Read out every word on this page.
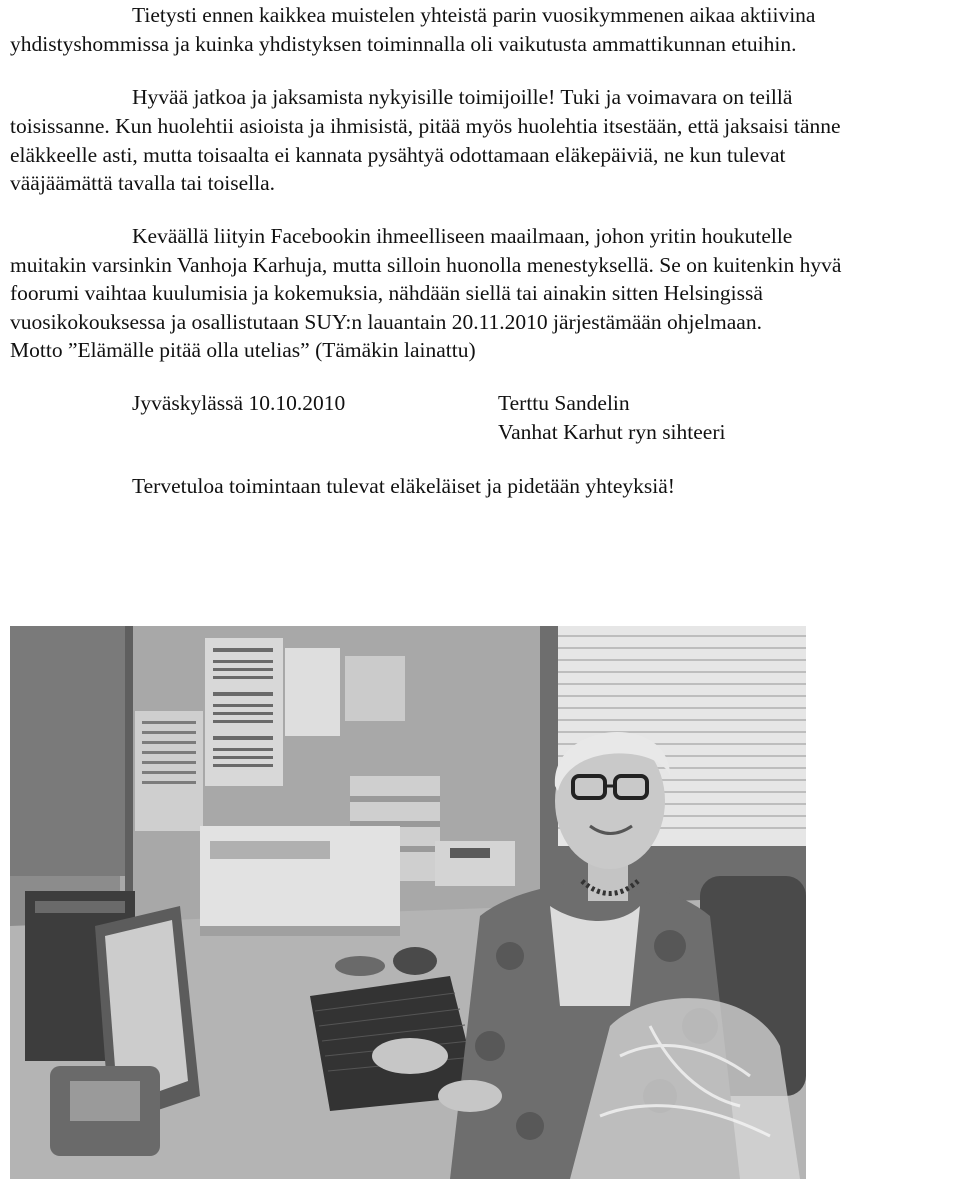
Tietysti ennen kaikkea muistelen yhteistä parin vuosikymmenen aikaa aktiivina
yhdistyshommissa ja kuinka yhdistyksen toiminnalla oli vaikutusta ammattikunnan etuihin.
Hyvää jatkoa ja jaksamista nykyisille toimijoille! Tuki ja voimavara on teillä
toisissanne. Kun huolehtii asioista ja ihmisistä, pitää myös huolehtia itsestään, että jaksaisi tänne
eläkkeelle asti, mutta toisaalta ei kannata pysähtyä odottamaan eläkepäiviä, ne kun tulevat
vääjäämättä tavalla tai toisella.
Keväällä liityin Facebookin ihmeelliseen maailmaan, johon yritin houkutelle
muitakin varsinkin Vanhoja Karhuja, mutta silloin huonolla menestyksellä. Se on kuitenkin hyvä
foorumi vaihtaa kuulumisia ja kokemuksia, nähdään siellä tai ainakin sitten Helsingissä
vuosikokouksessa ja osallistutaan SUY:n lauantain 20.11.2010 järjestämään ohjelmaan.
Motto ”Elämälle pitää olla utelias” (Tämäkin lainattu)
Jyväskylässä 10.10.2010	Terttu Sandelin
Vanhat Karhut ryn sihteeri
Tervetuloa toimintaan tulevat eläkeläiset ja pidetään yhteyksiä!
